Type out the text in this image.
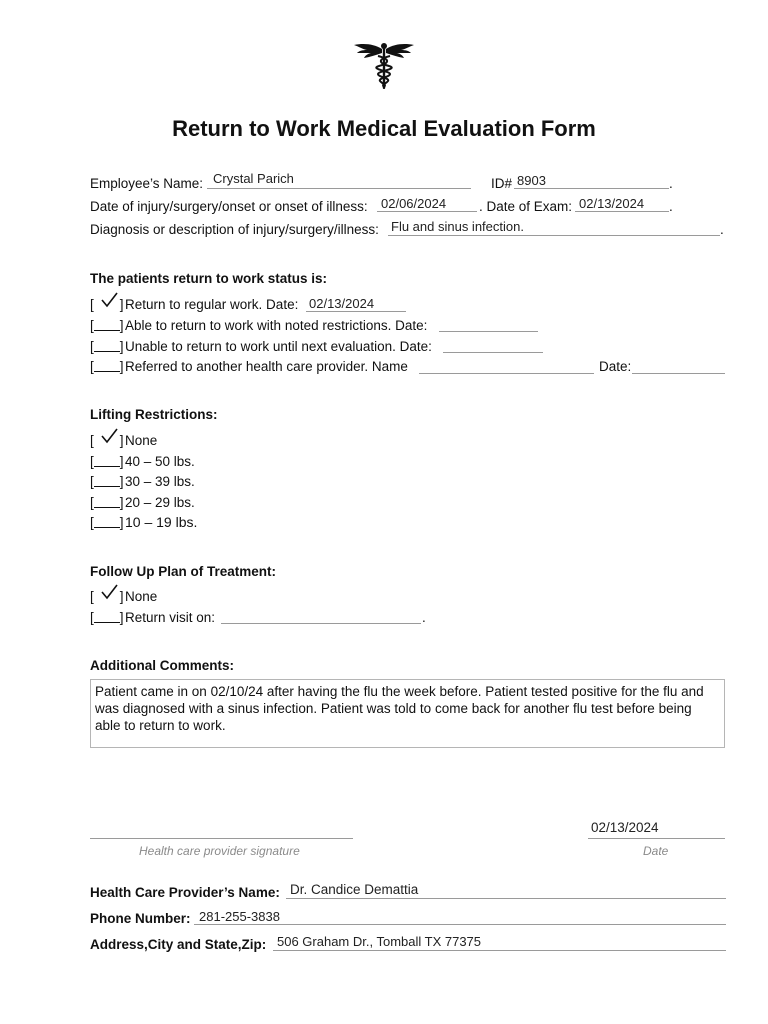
Return to Work Medical Evaluation Form
Employee’s Name: Crystal Parich	ID# 8903	.
Date of injury/surgery/onset or onset of illness: 02/06/2024 . Date of Exam: 02/13/2024 .
Diagnosis or description of injury/surgery/illness: Flu and sinus infection.	.
The patients return to work status is:
[ ] Return to regular work. Date: 02/13/2024
[ ] Able to return to work with noted restrictions. Date:
[ ] Unable to return to work until next evaluation. Date:
[ ] Referred to another health care provider. Name	Date:
Lifting Restrictions:
[ ] None
[ ] 40 – 50 lbs.
[ ] 30 – 39 lbs.
[ ] 20 – 29 lbs.
[ ] 10 – 19 lbs.
Follow Up Plan of Treatment:
[ ] None
[ ] Return visit on:	.
Additional Comments:
Patient came in on 02/10/24 after having the flu the week before. Patient tested positive for the flu and was diagnosed with a sinus infection. Patient was told to come back for another flu test before being able to return to work.
Health care provider signature
02/13/2024
Date
Health Care Provider’s Name: Dr. Candice Demattia
Phone Number: 281-255-3838
Address,City and State,Zip: 506 Graham Dr., Tomball TX 77375
